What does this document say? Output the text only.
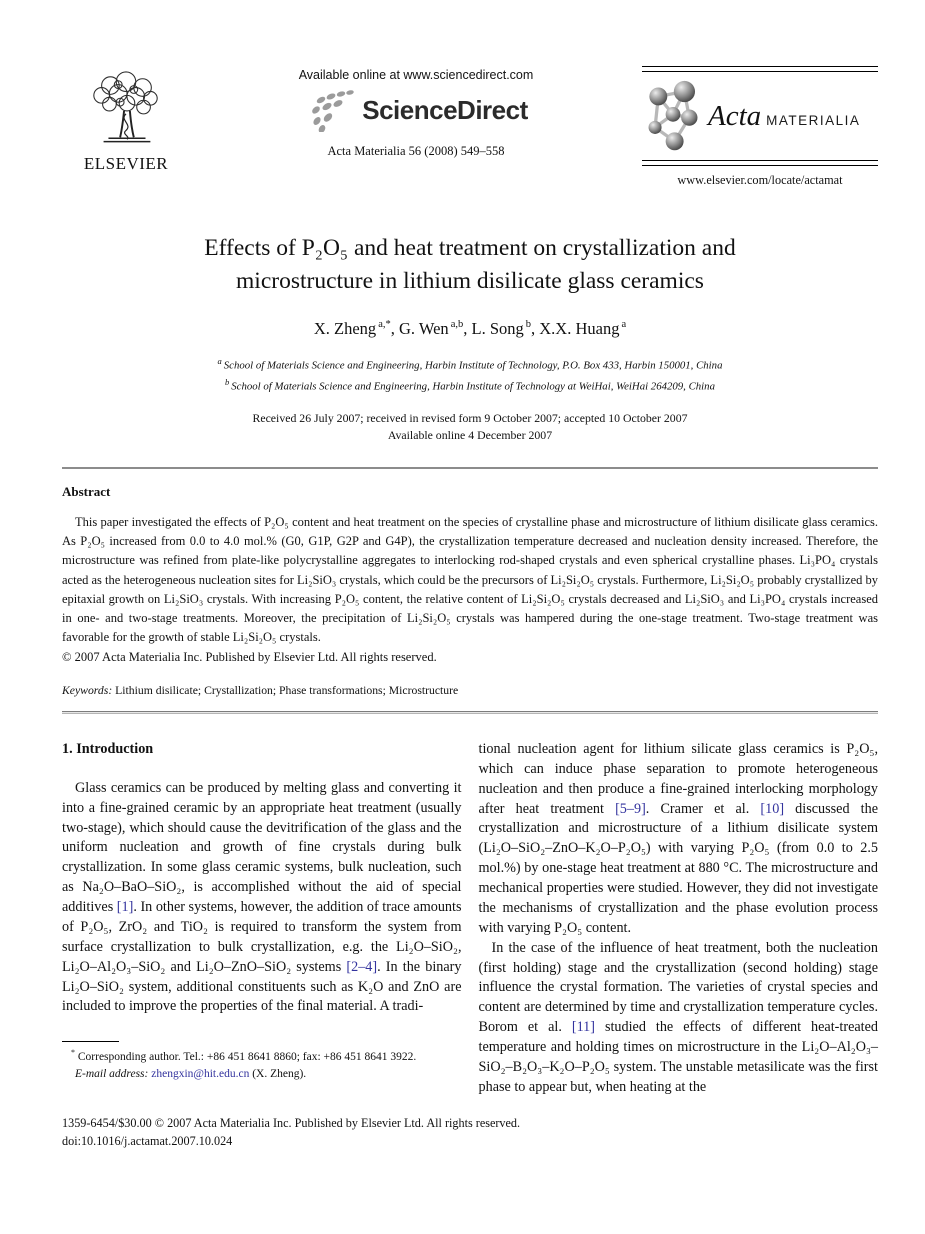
ELSEVIER
Available online at www.sciencedirect.com
ScienceDirect
Acta Materialia 56 (2008) 549–558
Acta MATERIALIA
www.elsevier.com/locate/actamat
Effects of P₂O₅ and heat treatment on crystallization and microstructure in lithium disilicate glass ceramics
X. Zheng $^{a,*}$, G. Wen $^{a,b}$, L. Song $^b$, X.X. Huang $^a$
$^a$ School of Materials Science and Engineering, Harbin Institute of Technology, P.O. Box 433, Harbin 150001, China
$^b$ School of Materials Science and Engineering, Harbin Institute of Technology at WeiHai, WeiHai 264209, China
Received 26 July 2007; received in revised form 9 October 2007; accepted 10 October 2007
Available online 4 December 2007
Abstract

This paper investigated the effects of P₂O₅ content and heat treatment on the species of crystalline phase and microstructure of lithium disilicate glass ceramics. As P₂O₅ increased from 0.0 to 4.0 mol.% (G0, G1P, G2P and G4P), the crystallization temperature decreased and nucleation density increased. Therefore, the microstructure was refined from plate-like polycrystalline aggregates to interlocking rod-shaped crystals and even spherical crystalline phases. Li₃PO₄ crystals acted as the heterogeneous nucleation sites for Li₂SiO₃ crystals, which could be the precursors of Li₂Si₂O₅ crystals. Furthermore, Li₂Si₂O₅ probably crystallized by epitaxial growth on Li₂SiO₃ crystals. With increasing P₂O₅ content, the relative content of Li₂Si₂O₅ crystals decreased and Li₂SiO₃ and Li₃PO₄ crystals increased in one- and two-stage treatments. Moreover, the precipitation of Li₂Si₂O₅ crystals was hampered during the one-stage treatment. Two-stage treatment was favorable for the growth of stable Li₂Si₂O₅ crystals.

© 2007 Acta Materialia Inc. Published by Elsevier Ltd. All rights reserved.
Keywords: Lithium disilicate; Crystallization; Phase transformations; Microstructure
1. Introduction

Glass ceramics can be produced by melting glass and converting it into a fine-grained ceramic by an appropriate heat treatment (usually two-stage), which should cause the devitrification of the glass and the uniform nucleation and growth of fine crystals during bulk crystallization. In some glass ceramic systems, bulk nucleation, such as Na₂O–BaO–SiO₂, is accomplished without the aid of special additives [1]. In other systems, however, the addition of trace amounts of P₂O₅, ZrO₂ and TiO₂ is required to transform the system from surface crystallization to bulk crystallization, e.g. the Li₂O–SiO₂, Li₂O–Al₂O₃–SiO₂ and Li₂O–ZnO–SiO₂ systems [2–4]. In the binary Li₂O–SiO₂ system, additional constituents such as K₂O and ZnO are included to improve the properties of the final material. A tradi-

* Corresponding author. Tel.: +86 451 8641 8860; fax: +86 451 8641 3922.
E-mail address: zhengxin@hit.edu.cn (X. Zheng).

tional nucleation agent for lithium silicate glass ceramics is P₂O₅, which can induce phase separation to promote heterogeneous nucleation and then produce a fine-grained interlocking morphology after heat treatment [5–9]. Cramer et al. [10] discussed the crystallization and microstructure of a lithium disilicate system (Li₂O–SiO₂–ZnO–K₂O–P₂O₅) with varying P₂O₅ (from 0.0 to 2.5 mol.%) by one-stage heat treatment at 880 °C. The microstructure and mechanical properties were studied. However, they did not investigate the mechanisms of crystallization and the phase evolution process with varying P₂O₅ content.

In the case of the influence of heat treatment, both the nucleation (first holding) stage and the crystallization (second holding) stage influence the crystal formation. The varieties of crystal species and content are determined by time and crystallization temperature cycles. Borom et al. [11] studied the effects of different heat-treated temperature and holding times on microstructure in the Li₂O–Al₂O₃–SiO₂–B₂O₃–K₂O–P₂O₅ system. The unstable metasilicate was the first phase to appear but, when heating at the

1359-6454/$30.00 © 2007 Acta Materialia Inc. Published by Elsevier Ltd. All rights reserved.
doi:10.1016/j.actamat.2007.10.024
